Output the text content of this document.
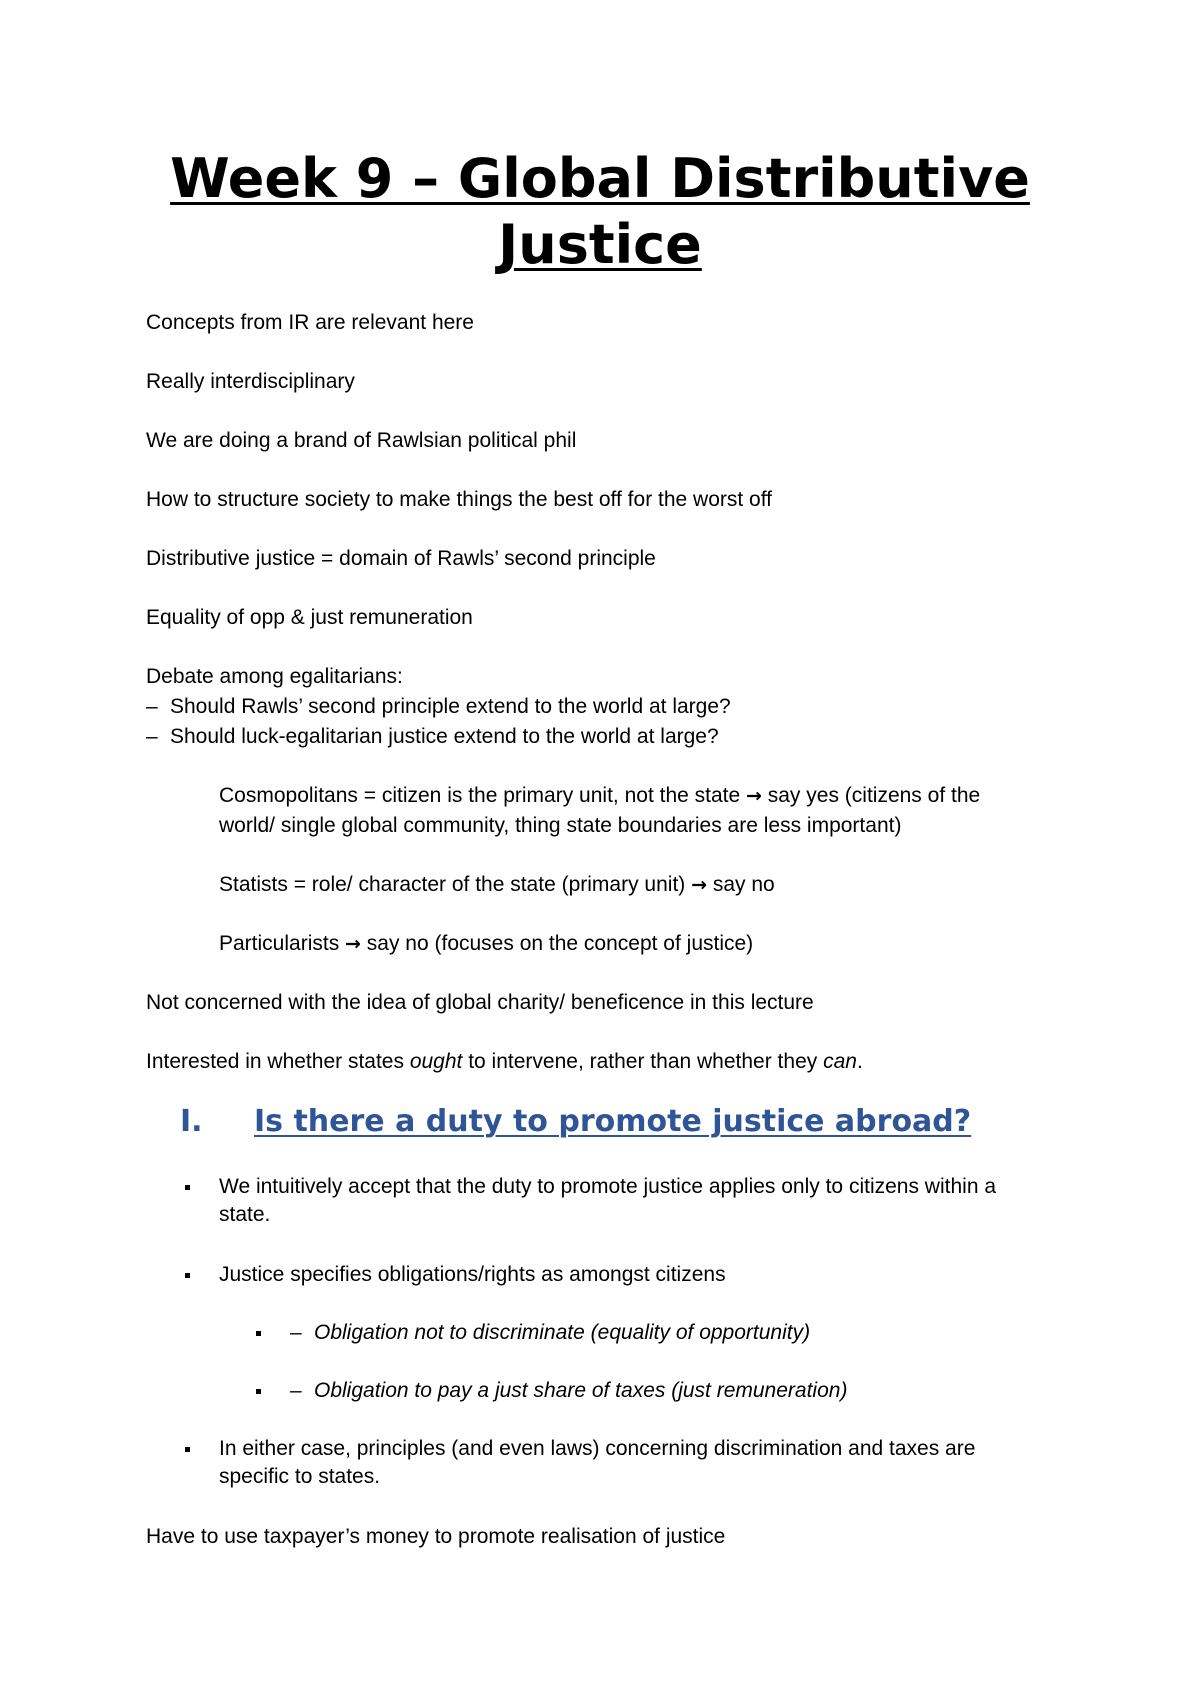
Week 9 – Global Distributive
Justice

Concepts from IR are relevant here

Really interdisciplinary

We are doing a brand of Rawlsian political phil

How to structure society to make things the best off for the worst off

Distributive justice = domain of Rawls’ second principle

Equality of opp & just remuneration

Debate among egalitarians:

– Should Rawls’ second principle extend to the world at large?

– Should luck-egalitarian justice extend to the world at large?

Cosmopolitans = citizen is the primary unit, not the state → say yes (citizens of the

world/ single global community, thing state boundaries are less important)

Statists = role/ character of the state (primary unit) → say no

Particularists → say no (focuses on the concept of justice)

Not concerned with the idea of global charity/ beneficence in this lecture

Interested in whether states ought to intervene, rather than whether they can.

I. Is there a duty to promote justice abroad?
We intuitively accept that the duty to promote justice applies only to citizens within a
state.
Justice specifies obligations/rights as amongst citizens
– Obligation not to discriminate (equality of opportunity)
– Obligation to pay a just share of taxes (just remuneration)
In either case, principles (and even laws) concerning discrimination and taxes are
specific to states.

Have to use taxpayer’s money to promote realisation of justice
